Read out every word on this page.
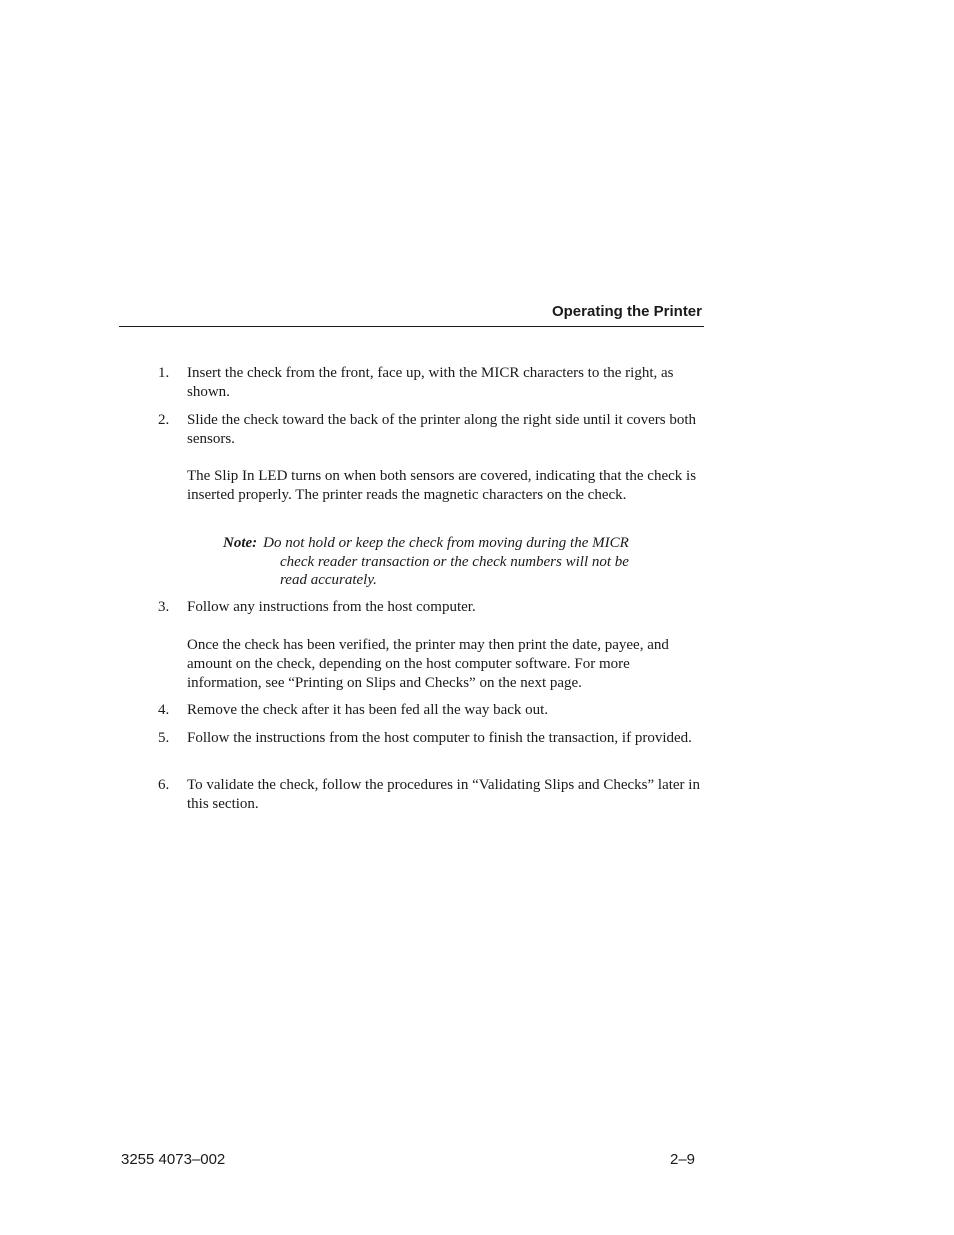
Operating the Printer
1.	Insert the check from the front, face up, with the MICR characters to the right, as shown.
2.	Slide the check toward the back of the printer along the right side until it covers both sensors.
The Slip In LED turns on when both sensors are covered, indicating that the check is inserted properly. The printer reads the magnetic characters on the check.
Note: Do not hold or keep the check from moving during the MICR
check reader transaction or the check numbers will not be
read accurately.
3.	Follow any instructions from the host computer.
Once the check has been verified, the printer may then print the date, payee, and amount on the check, depending on the host computer software. For more information, see “Printing on Slips and Checks” on the next page.
4.	Remove the check after it has been fed all the way back out.
5.	Follow the instructions from the host computer to finish the transaction, if provided.
6.	To validate the check, follow the procedures in “Validating Slips and Checks” later in this section.
3255 4073–002	2–9
